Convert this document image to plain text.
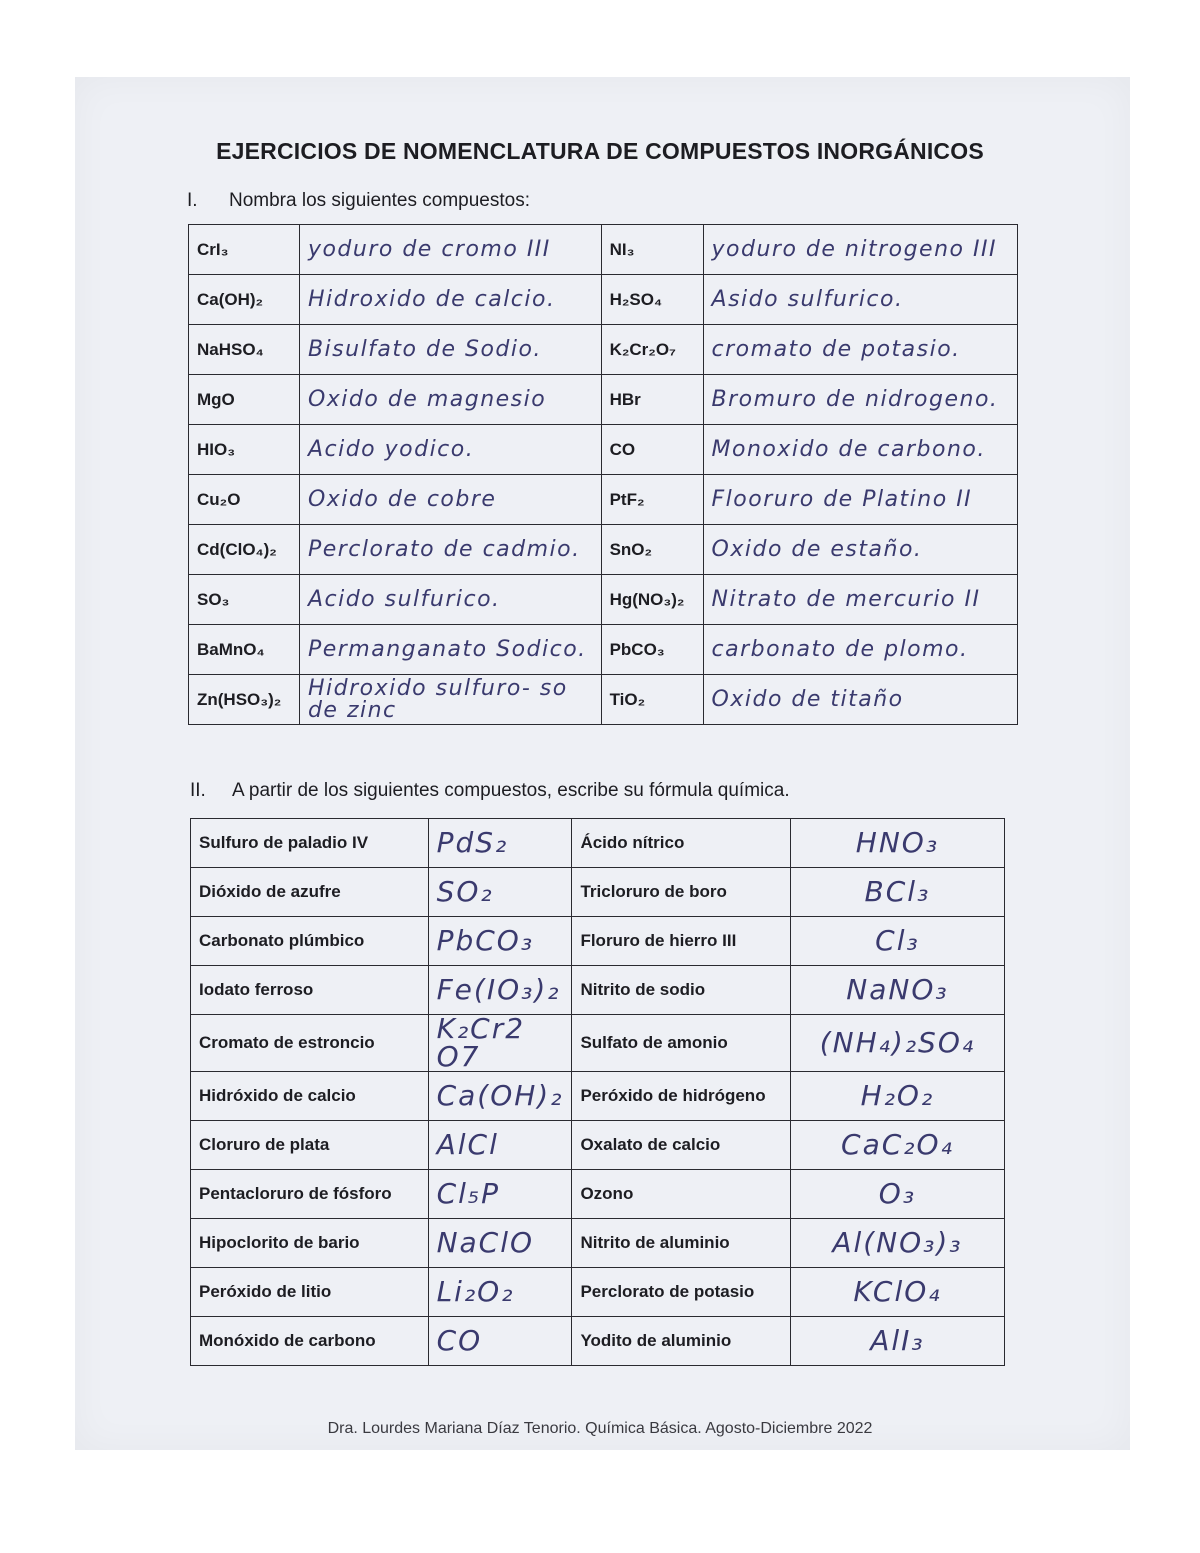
EJERCICIOS DE NOMENCLATURA DE COMPUESTOS INORGÁNICOS
I. Nombra los siguientes compuestos:
CrI₃	yoduro de cromo III	NI₃	yoduro de nitrogeno III

Ca(OH)₂	Hidroxido de calcio.	H₂SO₄	Asido sulfurico.

NaHSO₄	Bisulfato de Sodio.	K₂Cr₂O₇	cromato de potasio.

MgO	Oxido de magnesio	HBr	Bromuro de nidrogeno.

HIO₃	Acido yodico.	CO	Monoxido de carbono.

Cu₂O	Oxido de cobre	PtF₂	Flooruro de Platino II

Cd(ClO₄)₂	Perclorato de cadmio.	SnO₂	Oxido de estaño.

SO₃	Acido sulfurico.	Hg(NO₃)₂	Nitrato de mercurio II

BaMnO₄	Permanganato Sodico.	PbCO₃	carbonato de plomo.

Zn(HSO₃)₂	Hidroxido sulfuro- so de zinc	TiO₂	Oxido de titaño
II. A partir de los siguientes compuestos, escribe su fórmula química.
Sulfuro de paladio IV	PdS₂	Ácido nítrico	HNO₃

Dióxido de azufre	SO₂	Tricloruro de boro	BCl₃

Carbonato plúmbico	PbCO₃	Floruro de hierro III	Cl₃

Iodato ferroso	Fe(IO₃)₂	Nitrito de sodio	NaNO₃

Cromato de estroncio	K₂Cr2 O7	Sulfato de amonio	(NH₄)₂SO₄

Hidróxido de calcio	Ca(OH)₂	Peróxido de hidrógeno	H₂O₂

Cloruro de plata	AlCl	Oxalato de calcio	CaC₂O₄

Pentacloruro de fósforo	Cl₅P	Ozono	O₃

Hipoclorito de bario	NaClO	Nitrito de aluminio	Al(NO₃)₃

Peróxido de litio	Li₂O₂	Perclorato de potasio	KClO₄

Monóxido de carbono	CO	Yodito de aluminio	AlI₃
Dra. Lourdes Mariana Díaz Tenorio. Química Básica. Agosto-Diciembre 2022
